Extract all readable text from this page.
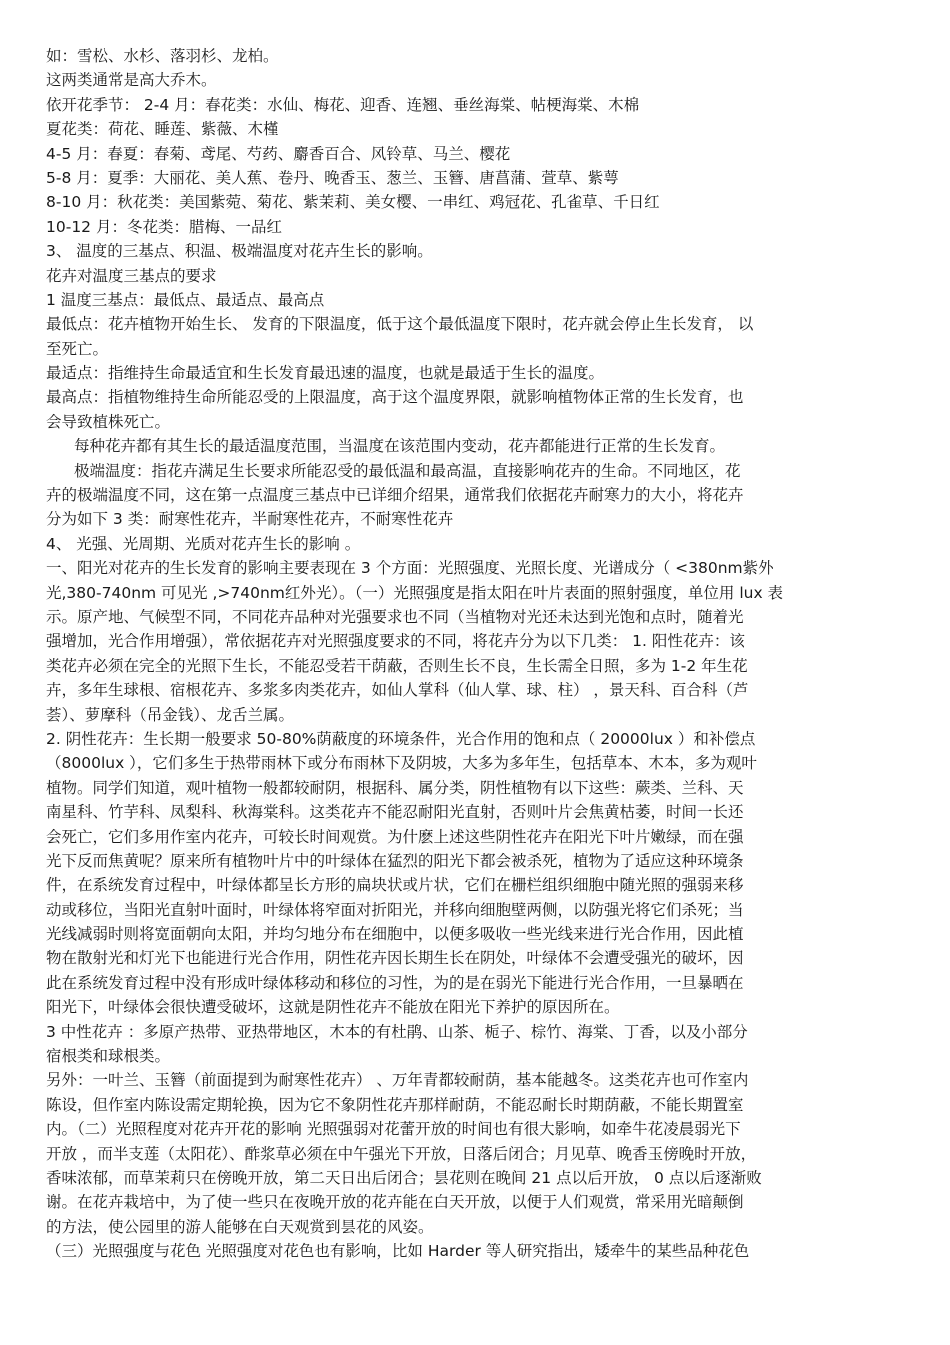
如：雪松、水杉、落羽杉、龙柏。

这两类通常是高大乔木。

依开花季节： 2-4 月：春花类：水仙、梅花、迎香、连翘、垂丝海棠、帖梗海棠、木棉

夏花类：荷花、睡莲、紫薇、木槿

4-5 月：春夏：春菊、鸢尾、芍药、麝香百合、风铃草、马兰、樱花

5-8 月：夏季：大丽花、美人蕉、卷丹、晚香玉、葱兰、玉簪、唐菖蒲、萱草、紫萼

8-10 月：秋花类：美国紫菀、菊花、紫茉莉、美女樱、一串红、鸡冠花、孔雀草、千日红

10-12 月：冬花类：腊梅、一品红

3、 温度的三基点、积温、极端温度对花卉生长的影响。

花卉对温度三基点的要求

1 温度三基点：最低点、最适点、最高点

最低点：花卉植物开始生长、 发育的下限温度，低于这个最低温度下限时，花卉就会停止生长发育， 以

至死亡。

最适点：指维持生命最适宜和生长发育最迅速的温度，也就是最适于生长的温度。

最高点：指植物维持生命所能忍受的上限温度，高于这个温度界限，就影响植物体正常的生长发育，也

会导致植株死亡。

每种花卉都有其生长的最适温度范围，当温度在该范围内变动，花卉都能进行正常的生长发育。

极端温度：指花卉满足生长要求所能忍受的最低温和最高温，直接影响花卉的生命。不同地区，花

卉的极端温度不同，这在第一点温度三基点中已详细介绍果，通常我们依据花卉耐寒力的大小，将花卉

分为如下 3 类：耐寒性花卉，半耐寒性花卉，不耐寒性花卉

4、 光强、光周期、光质对花卉生长的影响 。

一、阳光对花卉的生长发育的影响主要表现在 3 个方面：光照强度、光照长度、光谱成分（ <380nm紫外

光,380-740nm 可见光 ,>740nm红外光）。（一）光照强度是指太阳在叶片表面的照射强度，单位用 lux 表

示。原产地、气候型不同，不同花卉品种对光强要求也不同（当植物对光还未达到光饱和点时，随着光

强增加，光合作用增强），常依据花卉对光照强度要求的不同，将花卉分为以下几类： 1. 阳性花卉：该

类花卉必须在完全的光照下生长，不能忍受若干荫蔽，否则生长不良，生长需全日照，多为 1-2 年生花

卉，多年生球根、宿根花卉、多浆多肉类花卉，如仙人掌科（仙人掌、球、柱） ，景天科、百合科（芦

荟）、萝摩科（吊金钱）、龙舌兰属。

2. 阴性花卉：生长期一般要求 50-80%荫蔽度的环境条件，光合作用的饱和点（ 20000lux ）和补偿点

（8000lux ），它们多生于热带雨林下或分布雨林下及阴坡，大多为多年生，包括草本、木本，多为观叶

植物。同学们知道，观叶植物一般都较耐阴，根据科、属分类，阴性植物有以下这些：蕨类、兰科、天

南星科、竹芋科、凤梨科、秋海棠科。这类花卉不能忍耐阳光直射，否则叶片会焦黄枯萎，时间一长还

会死亡，它们多用作室内花卉，可较长时间观赏。为什麽上述这些阴性花卉在阳光下叶片嫩绿，而在强

光下反而焦黄呢？原来所有植物叶片中的叶绿体在猛烈的阳光下都会被杀死，植物为了适应这种环境条

件，在系统发育过程中，叶绿体都呈长方形的扁块状或片状，它们在栅栏组织细胞中随光照的强弱来移

动或移位，当阳光直射叶面时，叶绿体将窄面对折阳光，并移向细胞壁两侧，以防强光将它们杀死；当

光线减弱时则将宽面朝向太阳，并均匀地分布在细胞中，以便多吸收一些光线来进行光合作用，因此植

物在散射光和灯光下也能进行光合作用，阴性花卉因长期生长在阴处，叶绿体不会遭受强光的破坏，因

此在系统发育过程中没有形成叶绿体移动和移位的习性，为的是在弱光下能进行光合作用，一旦暴晒在

阳光下，叶绿体会很快遭受破坏，这就是阴性花卉不能放在阳光下养护的原因所在。

3 中性花卉 ：多原产热带、亚热带地区，木本的有杜鹃、山茶、栀子、棕竹、海棠、丁香，以及小部分

宿根类和球根类。

另外：一叶兰、玉簪（前面提到为耐寒性花卉） 、万年青都较耐荫，基本能越冬。这类花卉也可作室内

陈设，但作室内陈设需定期轮换，因为它不象阴性花卉那样耐荫，不能忍耐长时期荫蔽，不能长期置室

内。（二）光照程度对花卉开花的影响 光照强弱对花蕾开放的时间也有很大影响，如牵牛花凌晨弱光下

开放 ，而半支莲（太阳花）、酢浆草必须在中午强光下开放，日落后闭合；月见草、晚香玉傍晚时开放，

香味浓郁，而草茉莉只在傍晚开放，第二天日出后闭合；昙花则在晚间 21 点以后开放， 0 点以后逐渐败

谢。在花卉栽培中，为了使一些只在夜晚开放的花卉能在白天开放，以便于人们观赏，常采用光暗颠倒

的方法，使公园里的游人能够在白天观赏到昙花的风姿。

（三）光照强度与花色 光照强度对花色也有影响，比如 Harder 等人研究指出，矮牵牛的某些品种花色
